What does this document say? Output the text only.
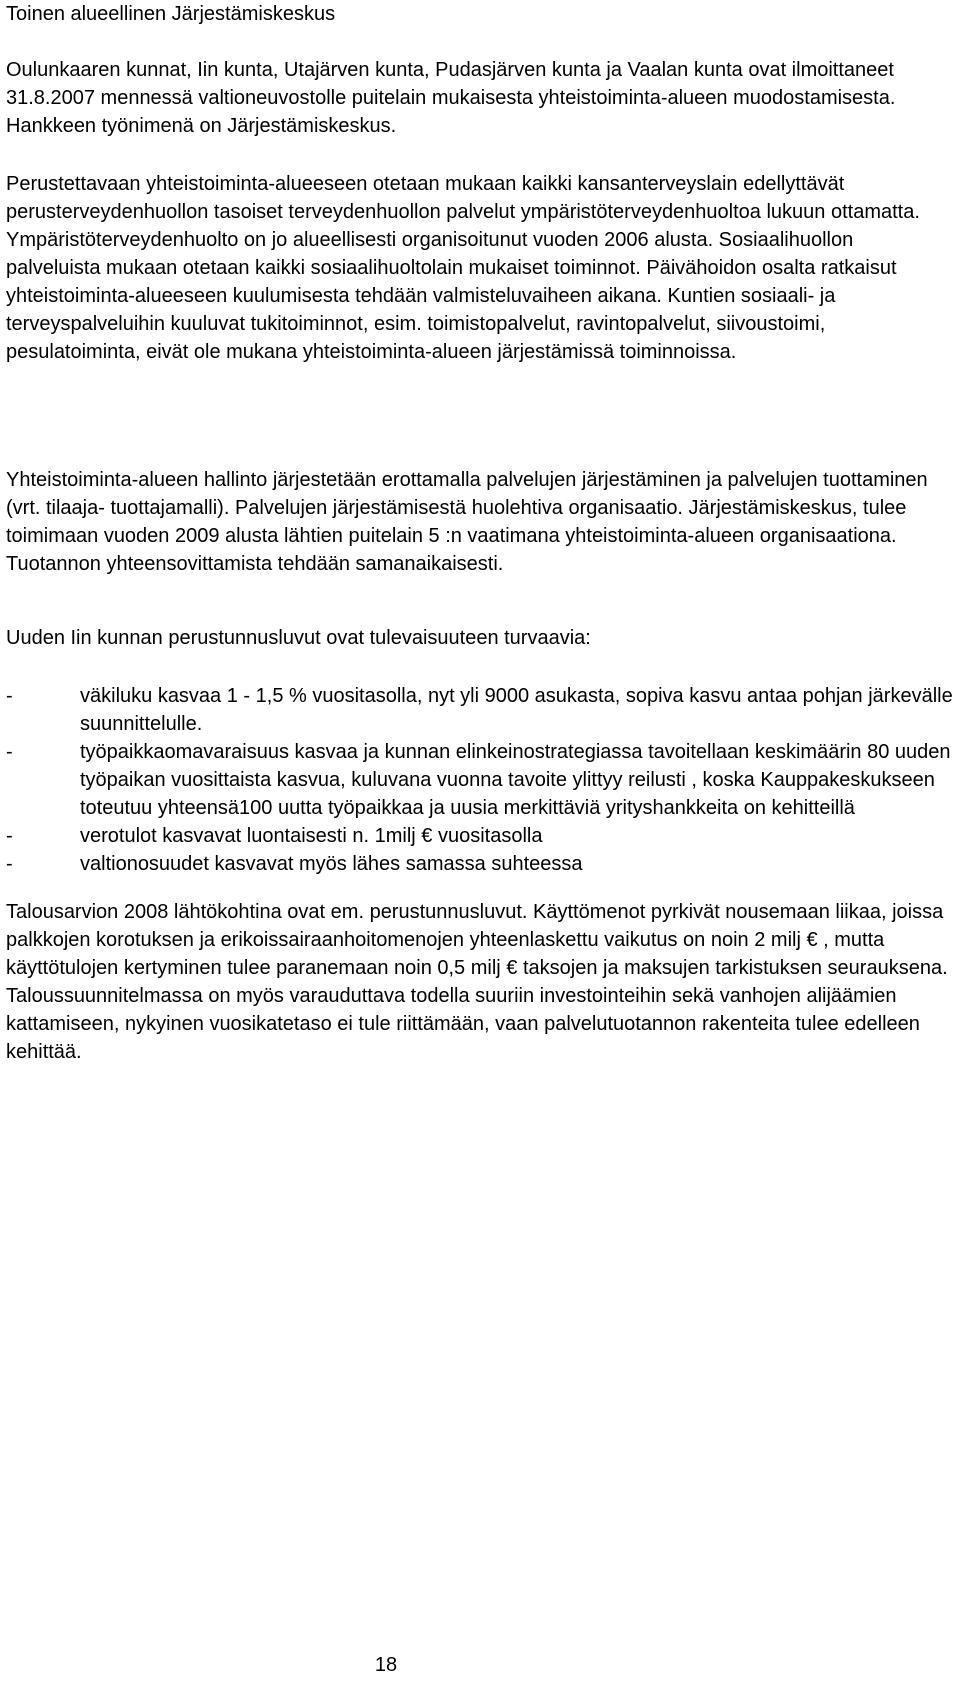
Toinen alueellinen Järjestämiskeskus

Oulunkaaren kunnat, Iin kunta, Utajärven kunta, Pudasjärven kunta ja Vaalan kunta ovat ilmoittaneet 31.8.2007 mennessä valtioneuvostolle puitelain mukaisesta yhteistoiminta-alueen muodostamisesta. Hankkeen työnimenä on Järjestämiskeskus.

Perustettavaan yhteistoiminta-alueeseen otetaan mukaan kaikki kansanterveyslain edellyttävät perusterveydenhuollon tasoiset terveydenhuollon palvelut ympäristöterveydenhuoltoa lukuun ottamatta. Ympäristöterveydenhuolto on jo alueellisesti organisoitunut vuoden 2006 alusta. Sosiaalihuollon palveluista mukaan otetaan kaikki sosiaalihuoltolain mukaiset toiminnot. Päivähoidon osalta ratkaisut yhteistoiminta-alueeseen kuulumisesta tehdään valmisteluvaiheen aikana. Kuntien sosiaali- ja terveyspalveluihin kuuluvat tukitoiminnot, esim. toimistopalvelut, ravintopalvelut, siivoustoimi, pesulatoiminta, eivät ole mukana yhteistoiminta-alueen järjestämissä toiminnoissa.

Yhteistoiminta-alueen hallinto järjestetään erottamalla palvelujen järjestäminen ja palvelujen tuottaminen (vrt. tilaaja- tuottajamalli). Palvelujen järjestämisestä huolehtiva organisaatio. Järjestämiskeskus, tulee toimimaan vuoden 2009 alusta lähtien puitelain 5 :n vaatimana yhteistoiminta-alueen organisaationa. Tuotannon yhteensovittamista tehdään samanaikaisesti.

Uuden Iin kunnan perustunnusluvut ovat tulevaisuuteen turvaavia:

-	väkiluku kasvaa 1 - 1,5 % vuositasolla, nyt yli 9000 asukasta, sopiva kasvu antaa pohjan järkevälle suunnittelulle.
-	työpaikkaomavaraisuus kasvaa ja kunnan elinkeinostrategiassa tavoitellaan keskimäärin 80 uuden työpaikan vuosittaista kasvua, kuluvana vuonna tavoite ylittyy reilusti , koska Kauppakeskukseen toteutuu yhteensä100 uutta työpaikkaa ja uusia merkittäviä yrityshankkeita on kehitteillä
-	verotulot kasvavat luontaisesti n. 1milj € vuositasolla
-	valtionosuudet kasvavat myös lähes samassa suhteessa

Talousarvion 2008 lähtökohtina ovat em. perustunnusluvut. Käyttömenot pyrkivät nousemaan liikaa, joissa palkkojen korotuksen ja erikoissairaanhoitomenojen yhteenlaskettu vaikutus on noin 2 milj € , mutta käyttötulojen kertyminen tulee paranemaan noin 0,5 milj € taksojen ja maksujen tarkistuksen seurauksena. Taloussuunnitelmassa on myös varauduttava todella suuriin investointeihin sekä vanhojen alijäämien kattamiseen, nykyinen vuosikatetaso ei tule riittämään, vaan palvelutuotannon rakenteita tulee edelleen kehittää.

18
